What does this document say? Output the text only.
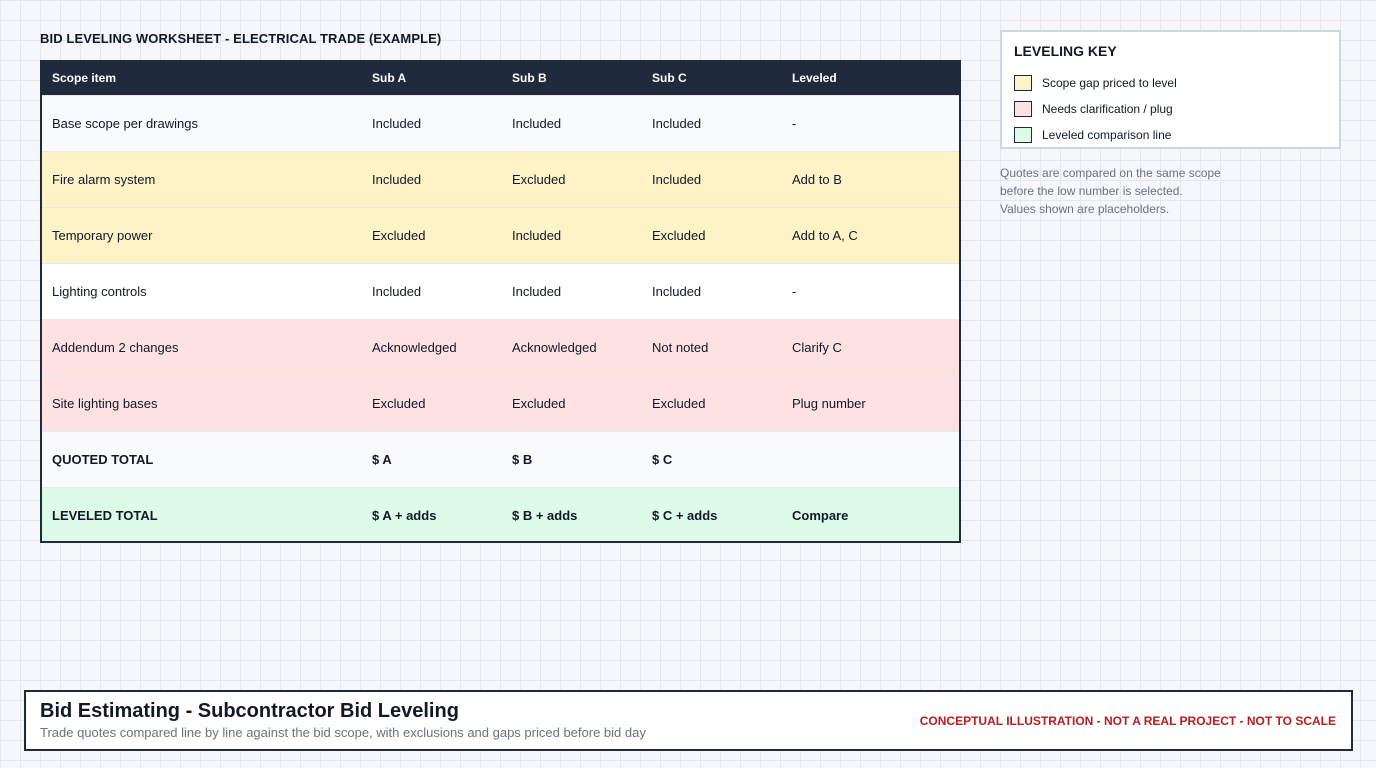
BID LEVELING WORKSHEET - ELECTRICAL TRADE (EXAMPLE)
Scope item	Sub A	Sub B	Sub C	Leveled
Base scope per drawings	Included	Included	Included	-
Fire alarm system	Included	Excluded	Included	Add to B
Temporary power	Excluded	Included	Excluded	Add to A, C
Lighting controls	Included	Included	Included	-
Addendum 2 changes	Acknowledged	Acknowledged	Not noted	Clarify C
Site lighting bases	Excluded	Excluded	Excluded	Plug number
QUOTED TOTAL	$ A	$ B	$ C	
LEVELED TOTAL	$ A + adds	$ B + adds	$ C + adds	Compare
LEVELING KEY
Scope gap priced to level
Needs clarification / plug
Leveled comparison line
Quotes are compared on the same scope
before the low number is selected.
Values shown are placeholders.
Bid Estimating - Subcontractor Bid Leveling
Trade quotes compared line by line against the bid scope, with exclusions and gaps priced before bid day
CONCEPTUAL ILLUSTRATION - NOT A REAL PROJECT - NOT TO SCALE
